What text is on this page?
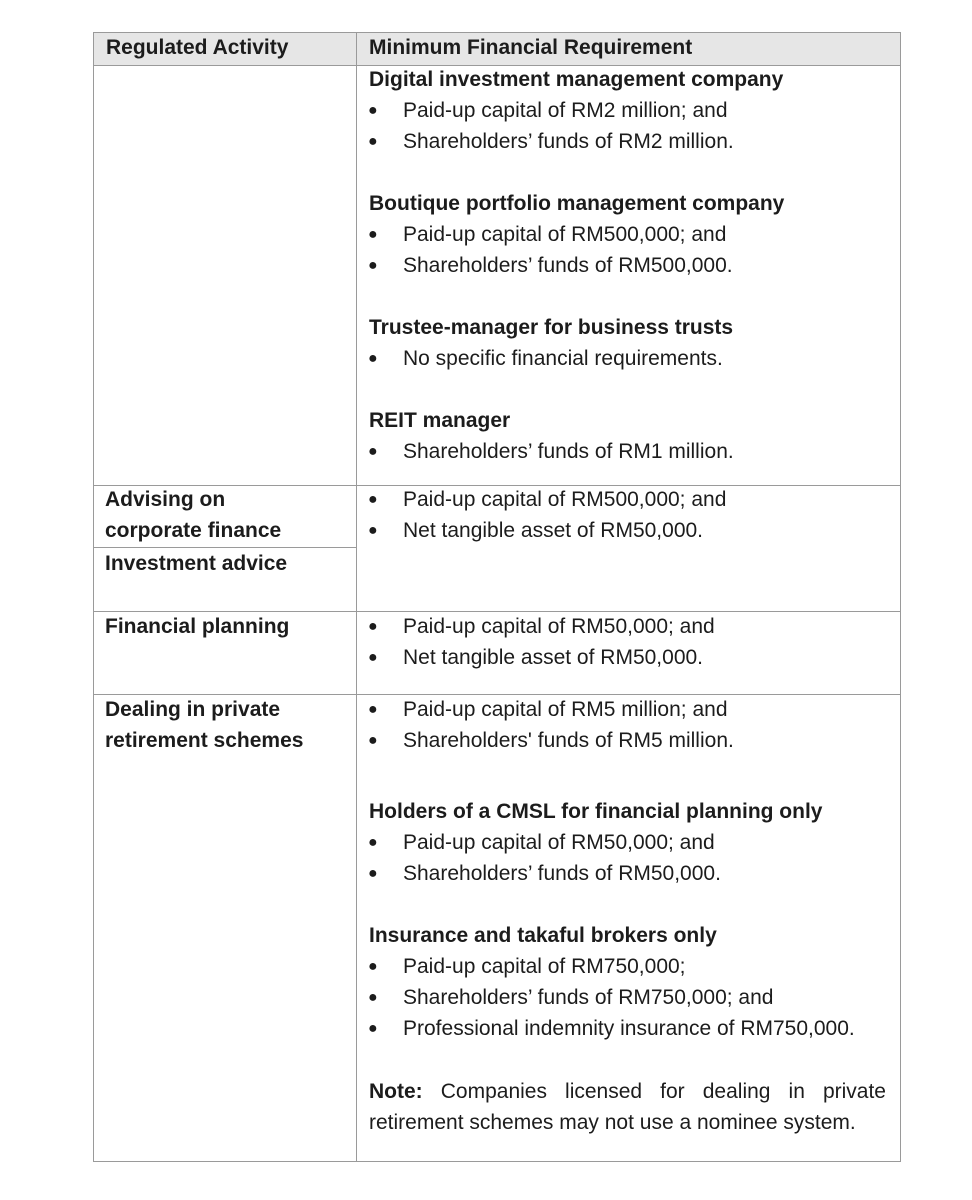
Regulated Activity	Minimum Financial Requirement
Digital investment management company
● Paid-up capital of RM2 million; and
● Shareholders’ funds of RM2 million.
Boutique portfolio management company
● Paid-up capital of RM500,000; and
● Shareholders’ funds of RM500,000.
Trustee-manager for business trusts
● No specific financial requirements.
REIT manager
● Shareholders’ funds of RM1 million.
Advising on
corporate finance
Investment advice
● Paid-up capital of RM500,000; and
● Net tangible asset of RM50,000.
Financial planning	● Paid-up capital of RM50,000; and
● Net tangible asset of RM50,000.
Dealing in private
retirement schemes
● Paid-up capital of RM5 million; and
● Shareholders' funds of RM5 million.
Holders of a CMSL for financial planning only
● Paid-up capital of RM50,000; and
● Shareholders’ funds of RM50,000.
Insurance and takaful brokers only
● Paid-up capital of RM750,000;
● Shareholders’ funds of RM750,000; and
● Professional indemnity insurance of RM750,000.
Note: Companies licensed for dealing in private retirement schemes may not use a nominee system.
